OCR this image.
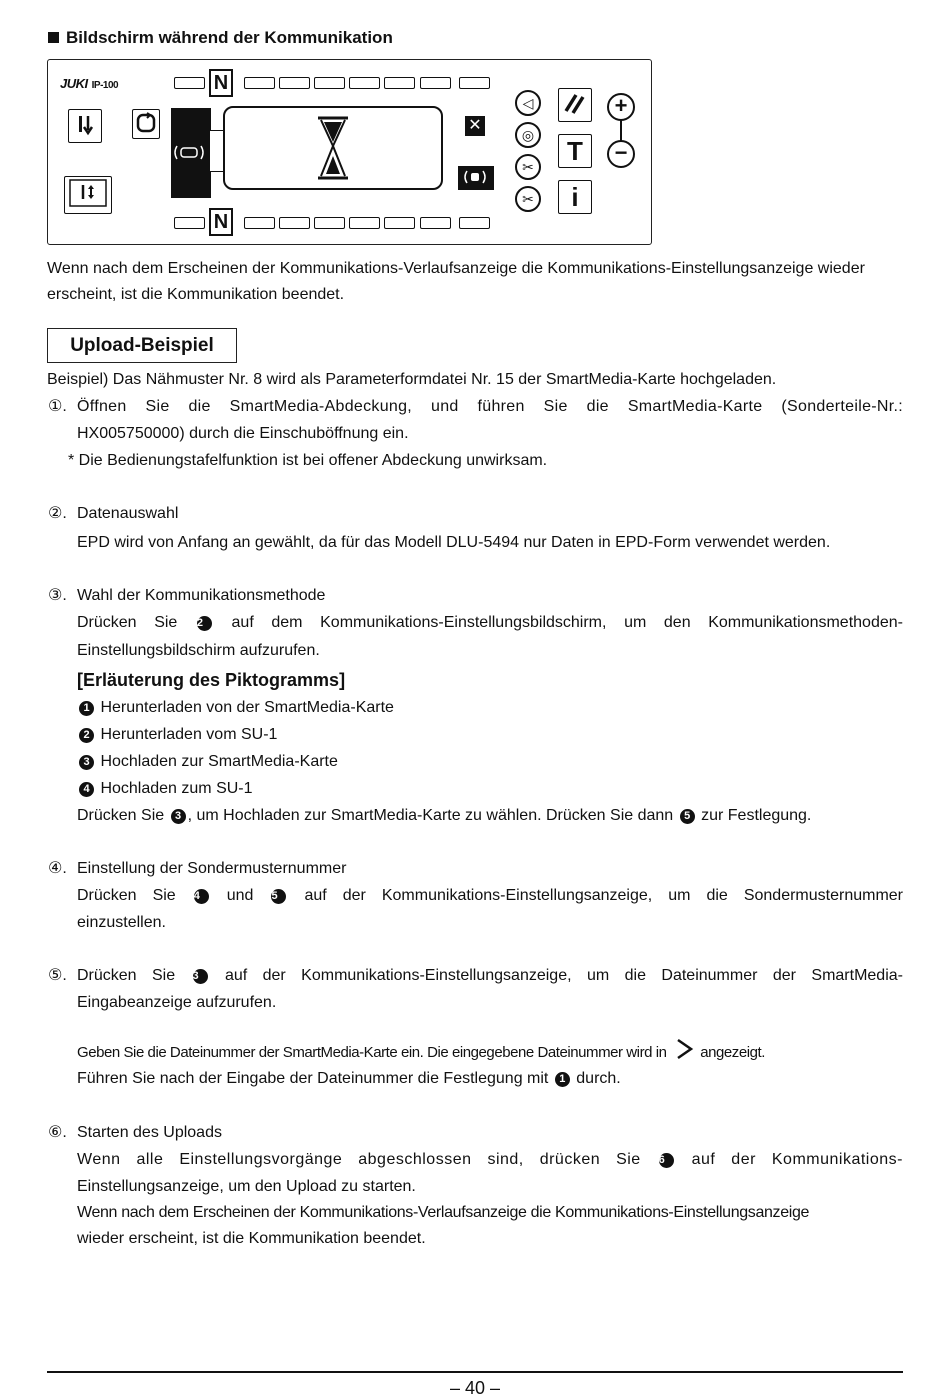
Bildschirm während der Kommunikation
JUKI IP-100	N
N
✕
◁
◎
✂
✂
T
i
+
−
Wenn nach dem Erscheinen der Kommunikations-Verlaufsanzeige die Kommunikations-Einstellungsanzeige wieder erscheint, ist die Kommunikation beendet.
Upload-Beispiel
Beispiel) Das Nähmuster Nr. 8 wird als Parameterformdatei Nr. 15 der SmartMedia-Karte hochgeladen.
①. Öffnen Sie die SmartMedia-Abdeckung, und führen Sie die SmartMedia-Karte (Sonderteile-Nr.:
HX005750000) durch die Einschuböffnung ein.
* Die Bedienungstafelfunktion ist bei offener Abdeckung unwirksam.
②. Datenauswahl
EPD wird von Anfang an gewählt, da für das Modell DLU-5494 nur Daten in EPD-Form verwendet werden.
③. Wahl der Kommunikationsmethode
Drücken Sie 2 auf dem Kommunikations-Einstellungsbildschirm, um den Kommunikationsmethoden-
Einstellungsbildschirm aufzurufen.
[Erläuterung des Piktogramms]
1 Herunterladen von der SmartMedia-Karte
2 Herunterladen vom SU-1
3 Hochladen zur SmartMedia-Karte
4 Hochladen zum SU-1
Drücken Sie 3 , um Hochladen zur SmartMedia-Karte zu wählen. Drücken Sie dann 5 zur Festlegung.
④. Einstellung der Sondermusternummer
Drücken Sie 4 und 5 auf der Kommunikations-Einstellungsanzeige, um die Sondermusternummer
einzustellen.
⑤. Drücken Sie 3 auf der Kommunikations-Einstellungsanzeige, um die Dateinummer der SmartMedia-
Eingabeanzeige aufzurufen.
Geben Sie die Dateinummer der SmartMedia-Karte ein. Die eingegebene Dateinummer wird in angezeigt.
Führen Sie nach der Eingabe der Dateinummer die Festlegung mit 1 durch.
⑥. Starten des Uploads
Wenn alle Einstellungsvorgänge abgeschlossen sind, drücken Sie 6 auf der Kommunikations-
Einstellungsanzeige, um den Upload zu starten.
Wenn nach dem Erscheinen der Kommunikations-Verlaufsanzeige die Kommunikations-Einstellungsanzeige
wieder erscheint, ist die Kommunikation beendet.
– 40 –
